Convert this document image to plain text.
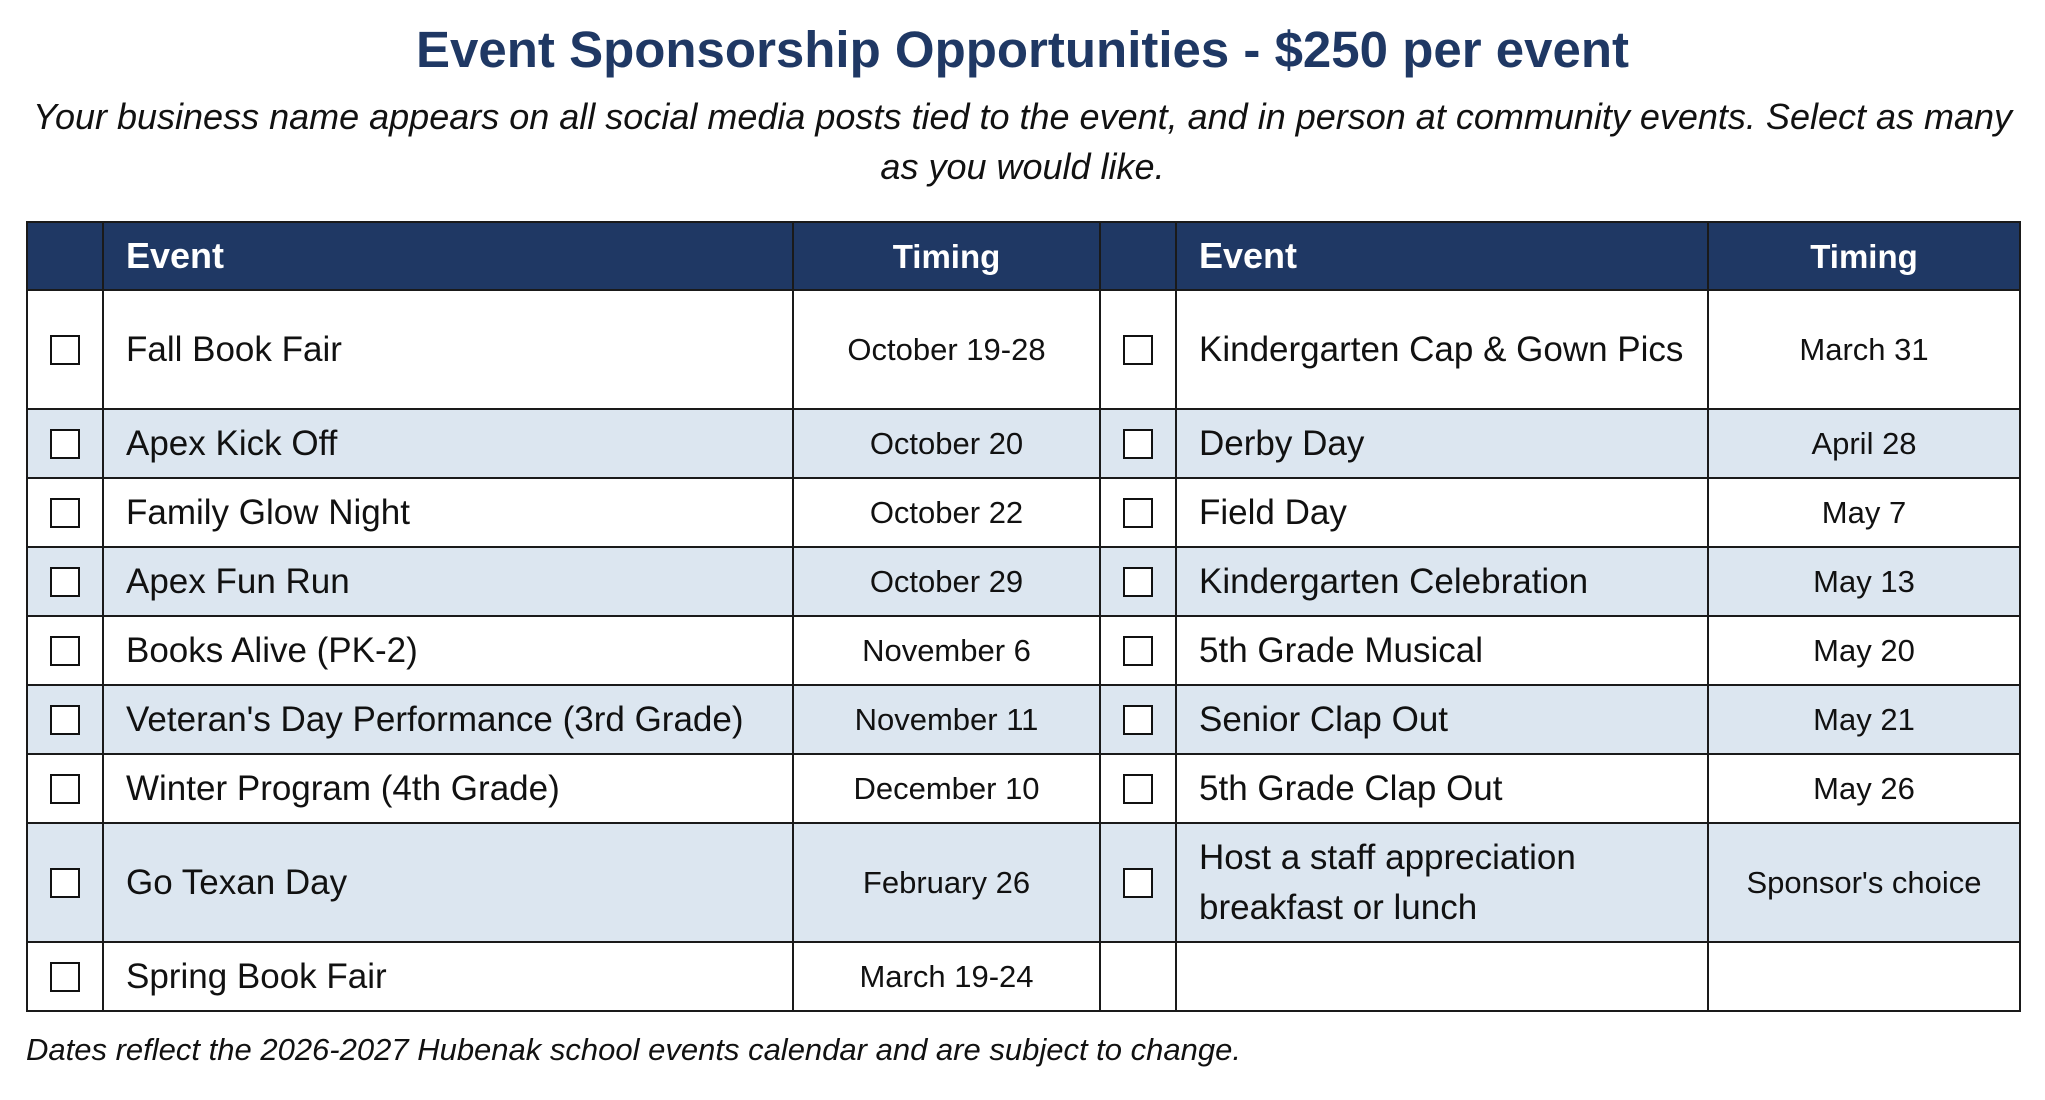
Event Sponsorship Opportunities - $250 per event

Your business name appears on all social media posts tied to the event, and in person at community events. Select as many as you would like.

	Event	Timing		Event	Timing
	Fall Book Fair	October 19-28		Kindergarten Cap & Gown Pics	March 31
	Apex Kick Off	October 20		Derby Day	April 28
	Family Glow Night	October 22		Field Day	May 7
	Apex Fun Run	October 29		Kindergarten Celebration	May 13
	Books Alive (PK-2)	November 6		5th Grade Musical	May 20
	Veteran's Day Performance (3rd Grade)	November 11		Senior Clap Out	May 21
	Winter Program (4th Grade)	December 10		5th Grade Clap Out	May 26
	Go Texan Day	February 26		Host a staff appreciation breakfast or lunch	Sponsor's choice
	Spring Book Fair	March 19-24			

Dates reflect the 2026-2027 Hubenak school events calendar and are subject to change.
